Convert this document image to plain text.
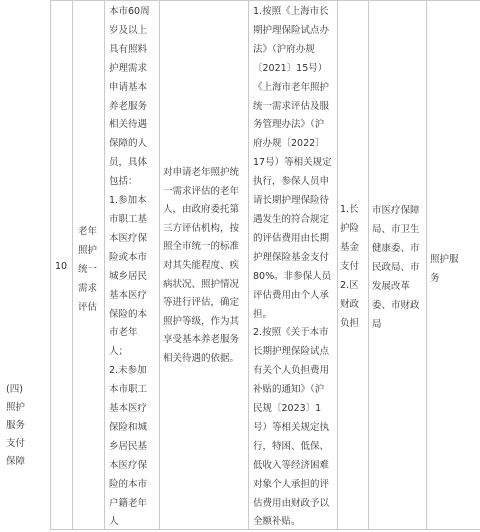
(四)
照护
服务
支付
保障
10
老年
照护
统一
需求
评估
本市60周
岁及以上
具有照料
护理需求
申请基本
养老服务
相关待遇
保障的人
员，具体
包括：
1.参加本
市职工基
本医疗保
险或本市
城乡居民
基本医疗
保险的本
市老年
人；
2.未参加
本市职工
基本医疗
保险和城
乡居民基
本医疗保
险的本市
户籍老年
人
对申请老年照护统
一需求评估的老年
人，由政府委托第
三方评估机构，按
照全市统一的标准
对其失能程度、疾
病状况、照护情况
等进行评估，确定
照护等级，作为其
享受基本养老服务
相关待遇的依据。
1.按照《上海市长
期护理保险试点办
法》（沪府办规
〔2021〕15号）
《上海市老年照护
统一需求评估及服
务管理办法》（沪
府办规〔2022〕
17号）等相关规定
执行，参保人员申
请长期护理保险待
遇发生的符合规定
的评估费用由长期
护理保险基金支付
80%。非参保人员
评估费用由个人承
担。
2.按照《关于本市
长期护理保险试点
有关个人负担费用
补贴的通知》（沪
民规〔2023〕1
号）等相关规定执
行，特困、低保、
低收入等经济困难
对象个人承担的评
估费用由财政予以
全额补贴。
1.长
护险
基金
支付
2.区
财政
负担
市医疗保障
局、市卫生
健康委、市
民政局、市
发展改革
委、市财政
局
照护服
务
